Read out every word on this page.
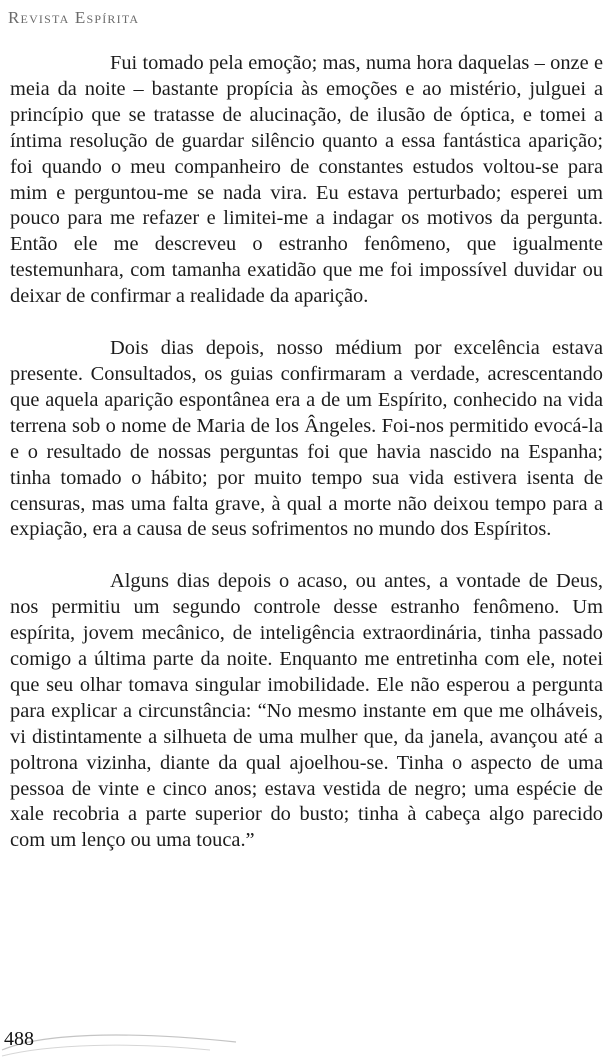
Revista Espírita

Fui tomado pela emoção; mas, numa hora daquelas – onze e meia da noite – bastante propícia às emoções e ao mistério, julguei a princípio que se tratasse de alucinação, de ilusão de óptica, e tomei a íntima resolução de guardar silêncio quanto a essa fantástica aparição; foi quando o meu companheiro de constantes estudos voltou-se para mim e perguntou-me se nada vira. Eu estava perturbado; esperei um pouco para me refazer e limitei-me a indagar os motivos da pergunta. Então ele me descreveu o estranho fenômeno, que igualmente testemunhara, com tamanha exatidão que me foi impossível duvidar ou deixar de confirmar a realidade da aparição.

Dois dias depois, nosso médium por excelência estava presente. Consultados, os guias confirmaram a verdade, acrescentando que aquela aparição espontânea era a de um Espírito, conhecido na vida terrena sob o nome de Maria de los Ângeles. Foi-nos permitido evocá-la e o resultado de nossas perguntas foi que havia nascido na Espanha; tinha tomado o hábito; por muito tempo sua vida estivera isenta de censuras, mas uma falta grave, à qual a morte não deixou tempo para a expiação, era a causa de seus sofrimentos no mundo dos Espíritos.

Alguns dias depois o acaso, ou antes, a vontade de Deus, nos permitiu um segundo controle desse estranho fenômeno. Um espírita, jovem mecânico, de inteligência extraordinária, tinha passado comigo a última parte da noite. Enquanto me entretinha com ele, notei que seu olhar tomava singular imobilidade. Ele não esperou a pergunta para explicar a circunstância: “No mesmo instante em que me olháveis, vi distintamente a silhueta de uma mulher que, da janela, avançou até a poltrona vizinha, diante da qual ajoelhou-se. Tinha o aspecto de uma pessoa de vinte e cinco anos; estava vestida de negro; uma espécie de xale recobria a parte superior do busto; tinha à cabeça algo parecido com um lenço ou uma touca.”

488
